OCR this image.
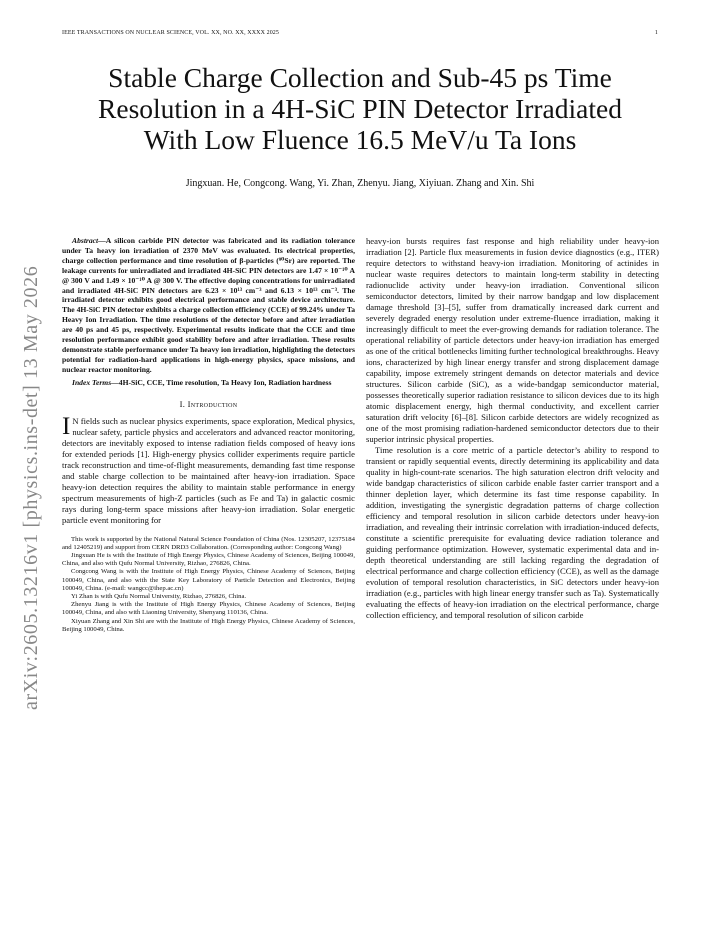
IEEE TRANSACTIONS ON NUCLEAR SCIENCE, VOL. XX, NO. XX, XXXX 2025	1
Stable Charge Collection and Sub-45 ps Time
Resolution in a 4H-SiC PIN Detector Irradiated
With Low Fluence 16.5 MeV/u Ta Ions
Jingxuan. He, Congcong. Wang, Yi. Zhan, Zhenyu. Jiang, Xiyiuan. Zhang and Xin. Shi
arXiv:2605.13216v1 [physics.ins-det] 13 May 2026

Abstract—A silicon carbide PIN detector was fabricated and its radiation tolerance under Ta heavy ion irradiation of 2370 MeV was evaluated. Its electrical properties, charge collection performance and time resolution of β-particles (⁹⁰Sr) are reported. The leakage currents for unirradiated and irradiated 4H-SiC PIN detectors are 1.47 × 10⁻¹⁰ A @ 300 V and 1.49 × 10⁻¹⁰ A @ 300 V. The effective doping concentrations for unirradiated and irradiated 4H-SiC PIN detectors are 6.23 × 10¹³ cm⁻³ and 6.13 × 10¹³ cm⁻³. The irradiated detector exhibits good electrical performance and stable device architecture. The 4H-SiC PIN detector exhibits a charge collection efficiency (CCE) of 99.24% under Ta Heavy Ion Irradiation. The time resolutions of the detector before and after irradiation are 40 ps and 45 ps, respectively. Experimental results indicate that the CCE and time resolution performance exhibit good stability before and after irradiation. These results demonstrate stable performance under Ta heavy ion irradiation, highlighting the detectors potential for radiation-hard applications in high-energy physics, space missions, and nuclear reactor monitoring.

Index Terms—4H-SiC, CCE, Time resolution, Ta Heavy Ion, Radiation hardness

I. Introduction

I N fields such as nuclear physics experiments, space exploration, Medical physics, nuclear safety, particle physics and accelerators and advanced reactor monitoring, detectors are inevitably exposed to intense radiation fields composed of heavy ions for extended periods [1]. High-energy physics collider experiments require particle track reconstruction and time-of-flight measurements, demanding fast time response and stable charge collection to be maintained after heavy-ion irradiation. Space heavy-ion detection requires the ability to maintain stable performance in energy spectrum measurements of high-Z particles (such as Fe and Ta) in galactic cosmic rays during long-term space missions after heavy-ion irradiation. Solar energetic particle event monitoring for

This work is supported by the National Natural Science Foundation of China (Nos. 12305207, 12375184 and 12405219) and support from CERN DRD3 Collaboration. (Corresponding author: Congcong Wang)

Jingxuan He is with the Institute of High Energy Physics, Chinese Academy of Sciences, Beijing 100049, China, and also with Qufu Normal University, Rizhao, 276826, China.

Congcong Wang is with the Institute of High Energy Physics, Chinese Academy of Sciences, Beijing 100049, China, and also with the State Key Laboratory of Particle Detection and Electronics, Beijing 100049, China. (e-mail: wangcc@ihep.ac.cn)

Yi Zhan is with Qufu Normal University, Rizhao, 276826, China.

Zhenyu Jiang is with the Institute of High Energy Physics, Chinese Academy of Sciences, Beijing 100049, China, and also with Liaoning University, Shenyang 110136, China.

Xiyuan Zhang and Xin Shi are with the Institute of High Energy Physics, Chinese Academy of Sciences, Beijing 100049, China.

heavy-ion bursts requires fast response and high reliability under heavy-ion irradiation [2]. Particle flux measurements in fusion device diagnostics (e.g., ITER) require detectors to withstand heavy-ion irradiation. Monitoring of actinides in nuclear waste requires detectors to maintain long-term stability in detecting radionuclide activity under heavy-ion irradiation. Conventional silicon semiconductor detectors, limited by their narrow bandgap and low displacement damage threshold [3]–[5], suffer from dramatically increased dark current and severely degraded energy resolution under extreme-fluence irradiation, making it increasingly difficult to meet the ever-growing demands for radiation tolerance. The operational reliability of particle detectors under heavy-ion irradiation has emerged as one of the critical bottlenecks limiting further technological breakthroughs. Heavy ions, characterized by high linear energy transfer and strong displacement damage capability, impose extremely stringent demands on detector materials and device structures. Silicon carbide (SiC), as a wide-bandgap semiconductor material, possesses theoretically superior radiation resistance to silicon devices due to its high atomic displacement energy, high thermal conductivity, and excellent carrier saturation drift velocity [6]–[8]. Silicon carbide detectors are widely recognized as one of the most promising radiation-hardened semiconductor detectors due to their superior intrinsic physical properties.

Time resolution is a core metric of a particle detector’s ability to respond to transient or rapidly sequential events, directly determining its applicability and data quality in high-count-rate scenarios. The high saturation electron drift velocity and wide bandgap characteristics of silicon carbide enable faster carrier transport and a thinner depletion layer, which determine its fast time response capability. In addition, investigating the synergistic degradation patterns of charge collection efficiency and temporal resolution in silicon carbide detectors under heavy-ion irradiation, and revealing their intrinsic correlation with irradiation-induced defects, constitute a scientific prerequisite for evaluating device radiation tolerance and guiding performance optimization. However, systematic experimental data and in-depth theoretical understanding are still lacking regarding the degradation of electrical performance and charge collection efficiency (CCE), as well as the damage evolution of temporal resolution characteristics, in SiC detectors under heavy-ion irradiation (e.g., particles with high linear energy transfer such as Ta). Systematically evaluating the effects of heavy-ion irradiation on the electrical performance, charge collection efficiency, and temporal resolution of silicon carbide
